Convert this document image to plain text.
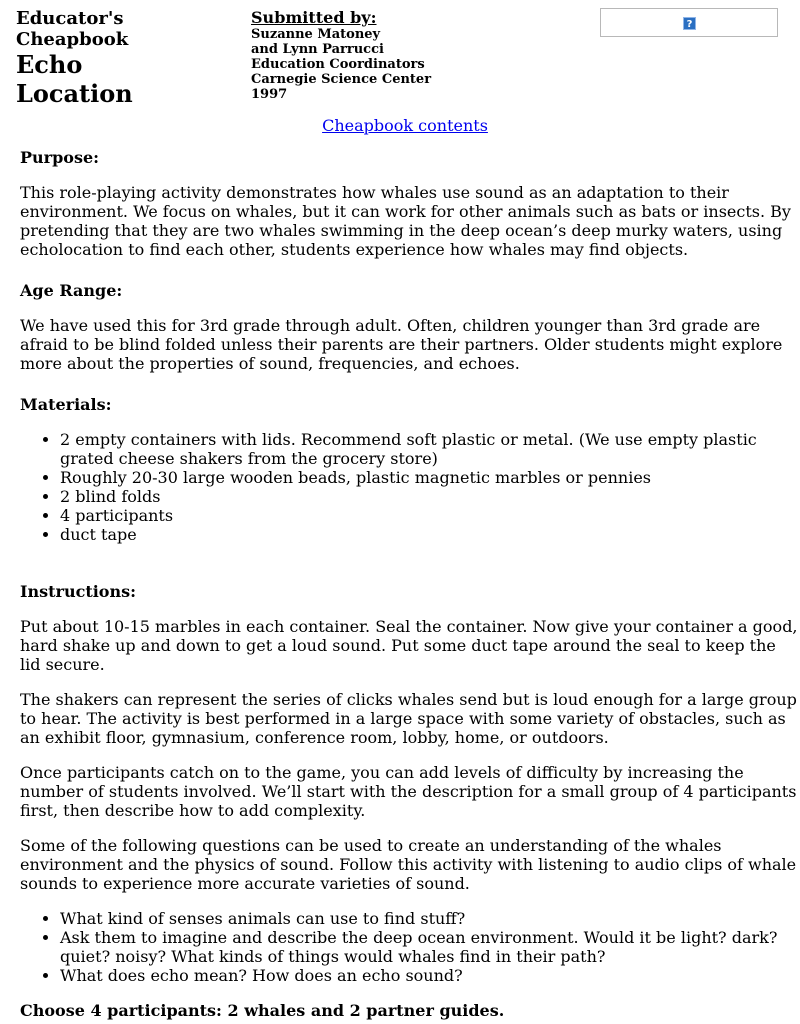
Educator's
Cheapbook
Echo
Location
Submitted by:
Suzanne Matoney
and Lynn Parrucci
Education Coordinators
Carnegie Science Center
1997
?
Cheapbook contents
Purpose:

This role-playing activity demonstrates how whales use sound as an adaptation to their environment. We focus on whales, but it can work for other animals such as bats or insects. By pretending that they are two whales swimming in the deep ocean’s deep murky waters, using echolocation to find each other, students experience how whales may find objects.

Age Range:

We have used this for 3rd grade through adult. Often, children younger than 3rd grade are afraid to be blind folded unless their parents are their partners. Older students might explore more about the properties of sound, frequencies, and echoes.

Materials:
• 2 empty containers with lids. Recommend soft plastic or metal. (We use empty plastic grated cheese shakers from the grocery store)
• Roughly 20-30 large wooden beads, plastic magnetic marbles or pennies
• 2 blind folds
• 4 participants
• duct tape
Instructions:

Put about 10-15 marbles in each container. Seal the container. Now give your container a good, hard shake up and down to get a loud sound. Put some duct tape around the seal to keep the lid secure.

The shakers can represent the series of clicks whales send but is loud enough for a large group to hear. The activity is best performed in a large space with some variety of obstacles, such as an exhibit floor, gymnasium, conference room, lobby, home, or outdoors.

Once participants catch on to the game, you can add levels of difficulty by increasing the number of students involved. We’ll start with the description for a small group of 4 participants first, then describe how to add complexity.

Some of the following questions can be used to create an understanding of the whales environment and the physics of sound. Follow this activity with listening to audio clips of whale sounds to experience more accurate varieties of sound.

• What kind of senses animals can use to find stuff?
• Ask them to imagine and describe the deep ocean environment. Would it be light? dark? quiet? noisy? What kinds of things would whales find in their path?
• What does echo mean? How does an echo sound?
Choose 4 participants: 2 whales and 2 partner guides.
